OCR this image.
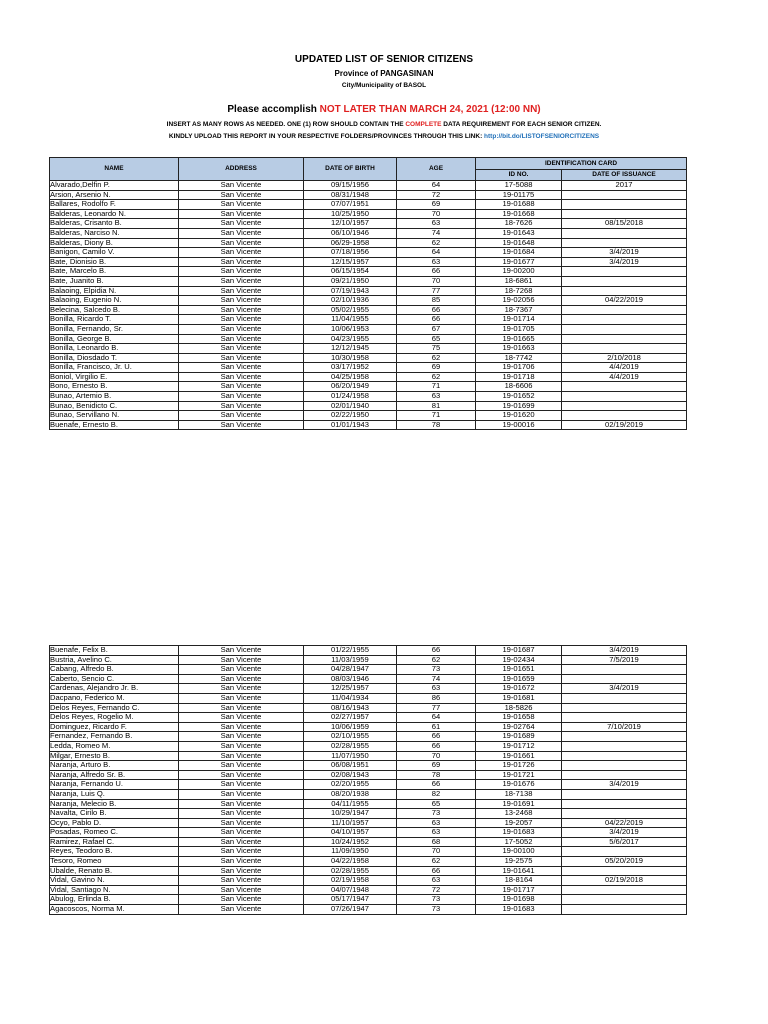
UPDATED LIST OF SENIOR CITIZENS
Province of PANGASINAN
City/Municipality of BASOL
Please accomplish NOT LATER THAN MARCH 24, 2021 (12:00 NN)
INSERT AS MANY ROWS AS NEEDED. ONE (1) ROW SHOULD CONTAIN THE COMPLETE DATA REQUIREMENT FOR EACH SENIOR CITIZEN.
KINDLY UPLOAD THIS REPORT IN YOUR RESPECTIVE FOLDERS/PROVINCES THROUGH THIS LINK: http://bit.do/LISTOFSENIORCITIZENS
NAME	ADDRESS	DATE OF BIRTH	AGE	IDENTIFICATION CARD	
				ID NO.	DATE OF ISSUANCE
Alvarado,Delfin P.	San Vicente	09/15/1956	64	17-5088	2017
Arsion, Arsenio N.	San Vicente	08/31/1948	72	19-01175	
Ballares, Rodolfo F.	San Vicente	07/07/1951	69	19-01688	
Balderas, Leonardo N.	San Vicente	10/25/1950	70	19-01668	
Balderas, Crisanto B.	San Vicente	12/10/1957	63	18-7626	08/15/2018
Balderas, Narciso N.	San Vicente	06/10/1946	74	19-01643	
Balderas, Diony B.	San Vicente	06/29-1958	62	19-01648	
Banigon, Camilo V.	San Vicente	07/18/1956	64	19-01684	3/4/2019
Bate, Dionisio B.	San Vicente	12/15/1957	63	19-01677	3/4/2019
Bate, Marcelo B.	San Vicente	06/15/1954	66	19-00200	
Bate, Juanito B.	San Vicente	09/21/1950	70	18-6861	
Balaoing, Elpidia N.	San Vicente	07/19/1943	77	18-7268	
Balaoing, Eugenio N.	San Vicente	02/10/1936	85	19-02056	04/22/2019
Belecina, Salcedo B.	San Vicente	05/02/1955	66	18-7367	
Bonilla, Ricardo T.	San Vicente	11/04/1955	66	19-01714	
Bonilla, Fernando, Sr.	San Vicente	10/06/1953	67	19-01705	
Bonilla, George B.	San Vicente	04/23/1955	65	19-01665	
Bonilla, Leonardo B.	San Vicente	12/12/1945	75	19-01663	
Bonilla, Diosdado T.	San Vicente	10/30/1958	62	18-7742	2/10/2018
Bonilla, Francisco, Jr. U.	San Vicente	03/17/1952	69	19-01706	4/4/2019
Boniol, Virgilio E.	San Vicente	04/25/1958	62	19-01718	4/4/2019
Bono, Ernesto B.	San Vicente	06/20/1949	71	18-6606	
Bunao, Artemio B.	San Vicente	01/24/1958	63	19-01652	
Bunao, Benidicto C.	San Vicente	02/01/1940	81	19-01699	
Bunao, Servillano N.	San Vicente	02/22/1950	71	19-01620	
Buenafe, Ernesto B.	San Vicente	01/01/1943	78	19-00016	02/19/2019
Buenafe, Felix B.	San Vicente	01/22/1955	66	19-01687	3/4/2019
Bustria, Avelino C.	San Vicente	11/03/1959	62	19-02434	7/5/2019
Cabang, Alfredo B.	San Vicente	04/28/1947	73	19-01651	
Caberto, Sencio C.	San Vicente	08/03/1946	74	19-01659	
Cardenas, Alejandro Jr. B.	San Vicente	12/25/1957	63	19-01672	3/4/2019
Dacpano, Federico M.	San Vicente	11/04/1934	86	19-01681	
Delos Reyes, Fernando C.	San Vicente	08/16/1943	77	18-5826	
Delos Reyes, Rogelio M.	San Vicente	02/27/1957	64	19-01658	
Dominguez, Ricardo F.	San Vicente	10/06/1959	61	19-02764	7/10/2019
Fernandez, Fernando B.	San Vicente	02/10/1955	66	19-01689	
Ledda, Romeo M.	San Vicente	02/28/1955	66	19-01712	
Milgar, Ernesto B.	San Vicente	11/07/1950	70	19-01661	
Naranja, Arturo B.	San Vicente	06/08/1951	69	19-01726	
Naranja, Alfredo Sr. B.	San Vicente	02/08/1943	78	19-01721	
Naranja, Fernando U.	San Vicente	02/20/1955	66	19-01676	3/4/2019
Naranja, Luis Q.	San Vicente	08/20/1938	82	18-7138	
Naranja, Melecio B.	San Vicente	04/11/1955	65	19-01691	
Navalta, Cirilo B.	San Vicente	10/29/1947	73	13-2468	
Ocyo, Pablo D.	San Vicente	11/10/1957	63	19-2057	04/22/2019
Posadas, Romeo C.	San Vicente	04/10/1957	63	19-01683	3/4/2019
Ramirez, Rafael C.	San Vicente	10/24/1952	68	17-5052	5/6/2017
Reyes, Teodoro B.	San Vicente	11/09/1950	70	19-00100	
Tesoro, Romeo	San Vicente	04/22/1958	62	19-2575	05/20/2019
Ubalde, Renato B.	San Vicente	02/28/1955	66	19-01641	
Vidal, Gavino N.	San Vicente	02/19/1958	63	18-8164	02/19/2018
Vidal, Santiago N.	San Vicente	04/07/1948	72	19-01717	
Abulog, Erlinda B.	San Vicente	05/17/1947	73	19-01698	
Agacoscos, Norma M.	San Vicente	07/26/1947	73	19-01683	
